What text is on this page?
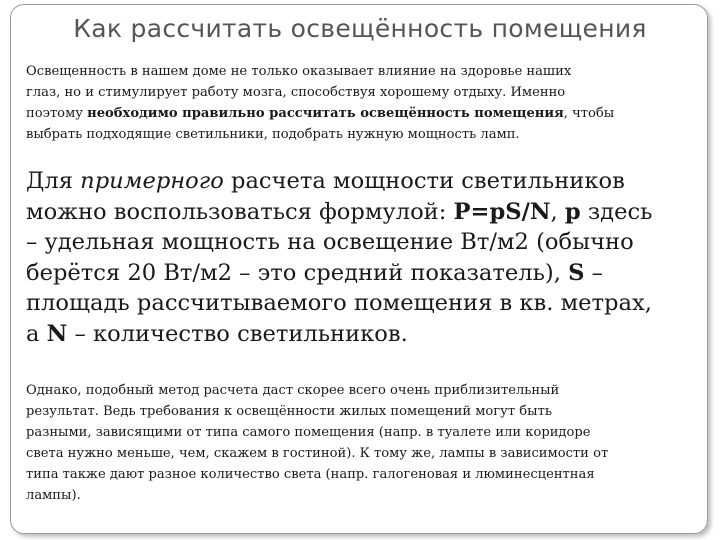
Как рассчитать освещённость помещения
Освещенность в нашем доме не только оказывает влияние на здоровье наших
глаз, но и стимулирует работу мозга, способствуя хорошему отдыху. Именно
поэтому необходимо правильно рассчитать освещённость помещения, чтобы
выбрать подходящие светильники, подобрать нужную мощность ламп.
Для примерного расчета мощности светильников
можно воспользоваться формулой: P=pS/N, p здесь
– удельная мощность на освещение Вт/м2 (обычно
берётся 20 Вт/м2 – это средний показатель), S –
площадь рассчитываемого помещения в кв. метрах,
а N – количество светильников.
Однако, подобный метод расчета даст скорее всего очень приблизительный
результат. Ведь требования к освещённости жилых помещений могут быть
разными, зависящими от типа самого помещения (напр. в туалете или коридоре
света нужно меньше, чем, скажем в гостиной). К тому же, лампы в зависимости от
типа также дают разное количество света (напр. галогеновая и люминесцентная
лампы).
